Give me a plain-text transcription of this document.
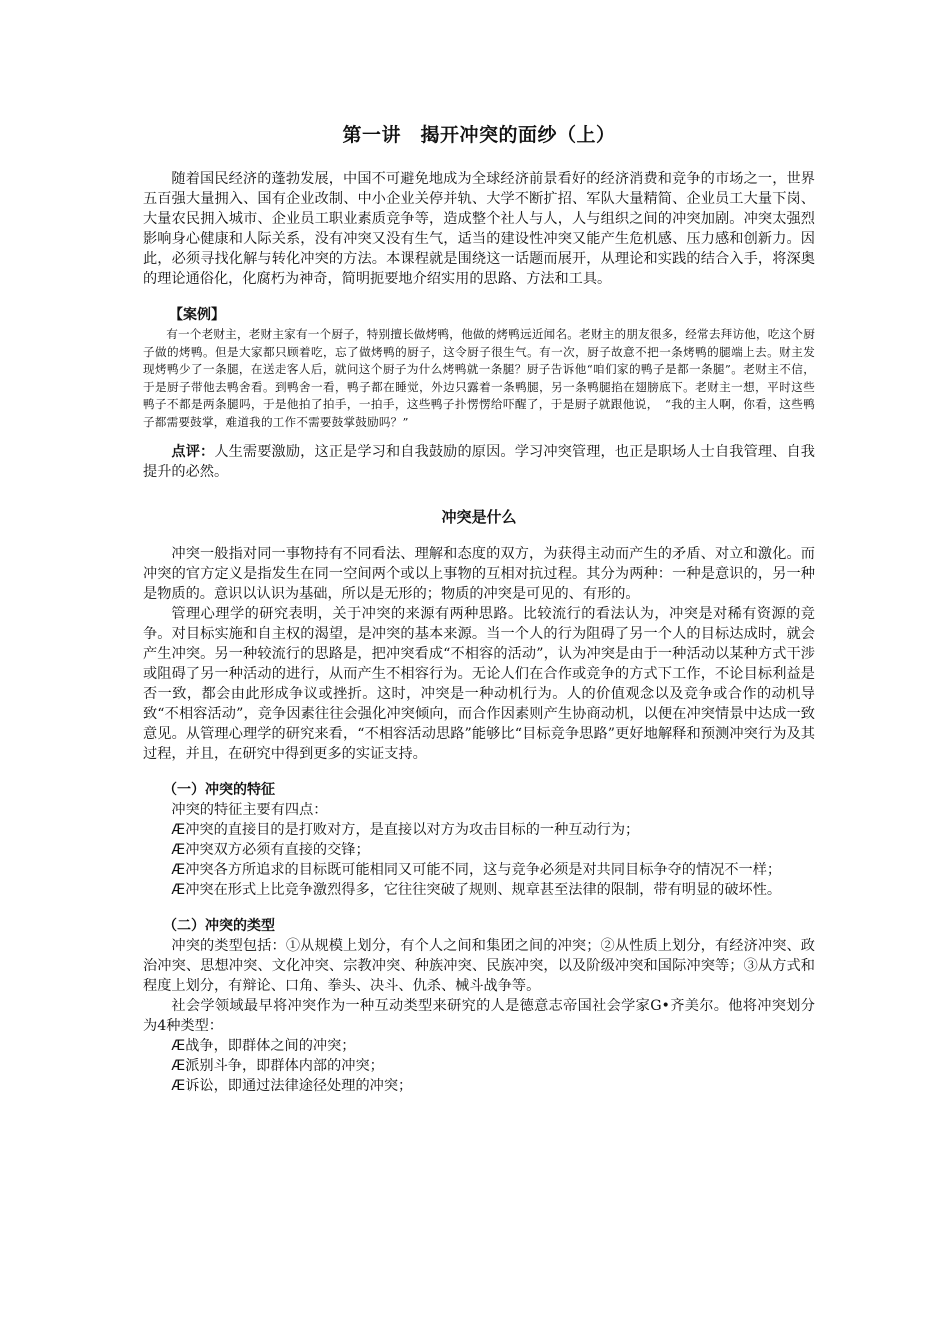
第一讲　揭开冲突的面纱（上）

随着国民经济的蓬勃发展，中国不可避免地成为全球经济前景看好的经济消费和竞争的市场之一，世界五百强大量拥入、国有企业改制、中小企业关停并轨、大学不断扩招、军队大量精简、企业员工大量下岗、大量农民拥入城市、企业员工职业素质竞争等，造成整个社人与人，人与组织之间的冲突加剧。冲突太强烈影响身心健康和人际关系，没有冲突又没有生气，适当的建设性冲突又能产生危机感、压力感和创新力。因此，必须寻找化解与转化冲突的方法。本课程就是围绕这一话题而展开，从理论和实践的结合入手，将深奥的理论通俗化，化腐朽为神奇，简明扼要地介绍实用的思路、方法和工具。

【案例】

有一个老财主，老财主家有一个厨子，特别擅长做烤鸭，他做的烤鸭远近闻名。老财主的朋友很多，经常去拜访他，吃这个厨子做的烤鸭。但是大家都只顾着吃，忘了做烤鸭的厨子，这令厨子很生气。有一次，厨子故意不把一条烤鸭的腿端上去。财主发现烤鸭少了一条腿，在送走客人后，就问这个厨子为什么烤鸭就一条腿？厨子告诉他“咱们家的鸭子是都一条腿”。老财主不信，于是厨子带他去鸭舍看。到鸭舍一看，鸭子都在睡觉，外边只露着一条鸭腿，另一条鸭腿掐在翅膀底下。老财主一想，平时这些鸭子不都是两条腿吗，于是他拍了拍手，一拍手，这些鸭子扑愣愣给吓醒了，于是厨子就跟他说，　“我的主人啊，你看，这些鸭子都需要鼓掌，难道我的工作不需要鼓掌鼓励吗？”

点评：人生需要激励，这正是学习和自我鼓励的原因。学习冲突管理，也正是职场人士自我管理、自我提升的必然。

冲突是什么

冲突一般指对同一事物持有不同看法、理解和态度的双方，为获得主动而产生的矛盾、对立和激化。而冲突的官方定义是指发生在同一空间两个或以上事物的互相对抗过程。其分为两种：一种是意识的，另一种是物质的。意识以认识为基础，所以是无形的；物质的冲突是可见的、有形的。

管理心理学的研究表明，关于冲突的来源有两种思路。比较流行的看法认为，冲突是对稀有资源的竞争。对目标实施和自主权的渴望，是冲突的基本来源。当一个人的行为阻碍了另一个人的目标达成时，就会产生冲突。另一种较流行的思路是，把冲突看成“不相容的活动”，认为冲突是由于一种活动以某种方式干涉或阻碍了另一种活动的进行，从而产生不相容行为。无论人们在合作或竞争的方式下工作，不论目标利益是否一致，都会由此形成争议或挫折。这时，冲突是一种动机行为。人的价值观念以及竞争或合作的动机导致“不相容活动”，竞争因素往往会强化冲突倾向，而合作因素则产生协商动机，以便在冲突情景中达成一致意见。从管理心理学的研究来看，“不相容活动思路”能够比“目标竞争思路”更好地解释和预测冲突行为及其过程，并且，在研究中得到更多的实证支持。

（一）冲突的特征

冲突的特征主要有四点：

Æ冲突的直接目的是打败对方，是直接以对方为攻击目标的一种互动行为；

Æ冲突双方必须有直接的交锋；

Æ冲突各方所追求的目标既可能相同又可能不同，这与竞争必须是对共同目标争夺的情况不一样；

Æ冲突在形式上比竞争激烈得多，它往往突破了规则、规章甚至法律的限制，带有明显的破坏性。

（二）冲突的类型

冲突的类型包括：①从规模上划分，有个人之间和集团之间的冲突；②从性质上划分，有经济冲突、政治冲突、思想冲突、文化冲突、宗教冲突、种族冲突、民族冲突，以及阶级冲突和国际冲突等；③从方式和程度上划分，有辩论、口角、拳头、决斗、仇杀、械斗战争等。

社会学领域最早将冲突作为一种互动类型来研究的人是德意志帝国社会学家G•齐美尔。他将冲突划分为4种类型：

Æ战争，即群体之间的冲突；

Æ派别斗争，即群体内部的冲突；

Æ诉讼，即通过法律途径处理的冲突；
